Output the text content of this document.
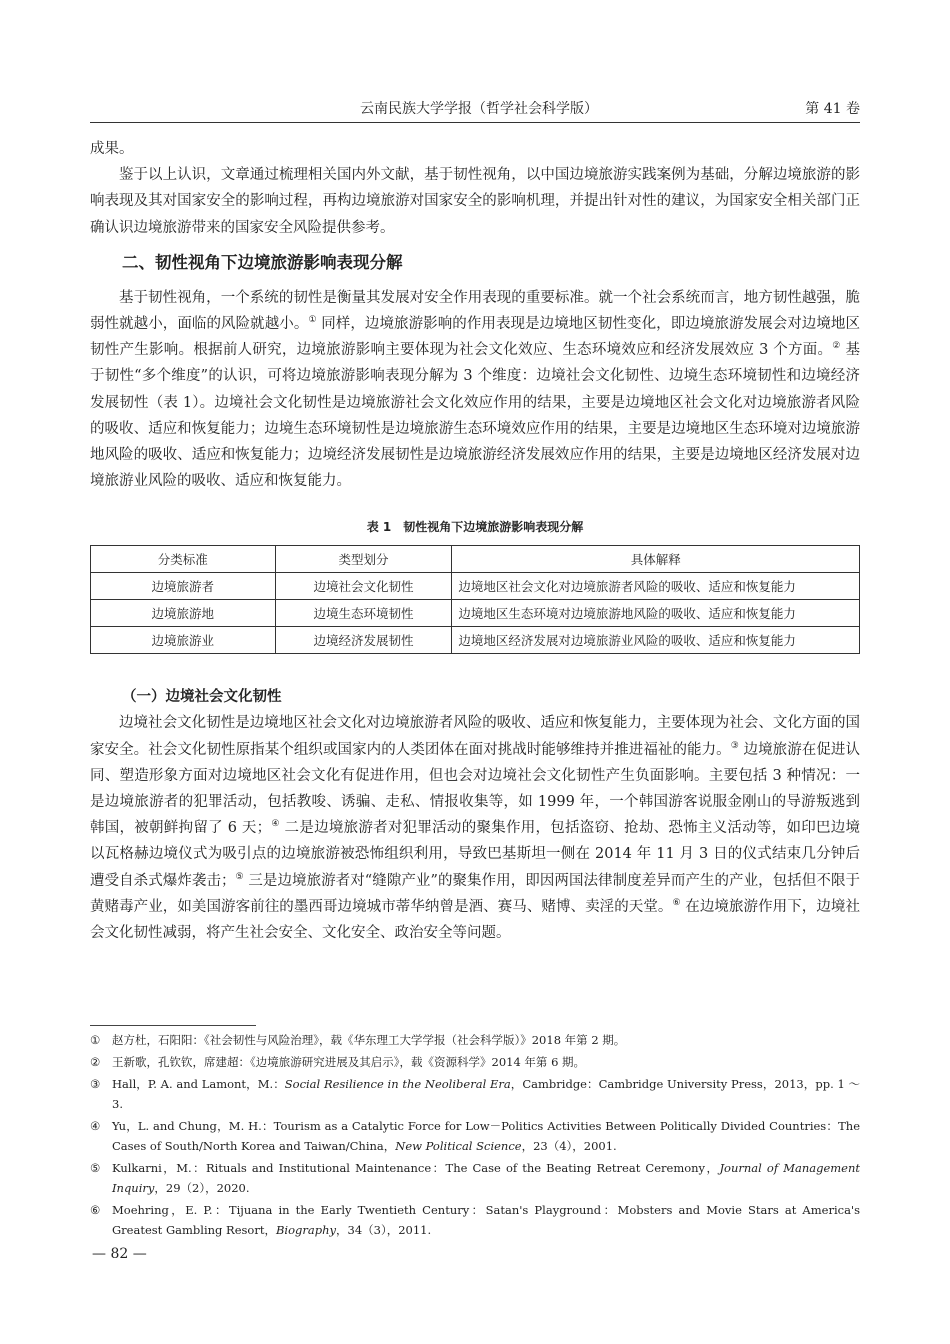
云南民族大学学报（哲学社会科学版）	第 41 卷

成果。

鉴于以上认识，文章通过梳理相关国内外文献，基于韧性视角，以中国边境旅游实践案例为基础，分解边境旅游的影响表现及其对国家安全的影响过程，再构边境旅游对国家安全的影响机理，并提出针对性的建议，为国家安全相关部门正确认识边境旅游带来的国家安全风险提供参考。

二、韧性视角下边境旅游影响表现分解

基于韧性视角，一个系统的韧性是衡量其发展对安全作用表现的重要标准。就一个社会系统而言，地方韧性越强，脆弱性就越小，面临的风险就越小。① 同样，边境旅游影响的作用表现是边境地区韧性变化，即边境旅游发展会对边境地区韧性产生影响。根据前人研究，边境旅游影响主要体现为社会文化效应、生态环境效应和经济发展效应 3 个方面。② 基于韧性“多个维度”的认识，可将边境旅游影响表现分解为 3 个维度：边境社会文化韧性、边境生态环境韧性和边境经济发展韧性（表 1）。边境社会文化韧性是边境旅游社会文化效应作用的结果，主要是边境地区社会文化对边境旅游者风险的吸收、适应和恢复能力；边境生态环境韧性是边境旅游生态环境效应作用的结果，主要是边境地区生态环境对边境旅游地风险的吸收、适应和恢复能力；边境经济发展韧性是边境旅游经济发展效应作用的结果，主要是边境地区经济发展对边境旅游业风险的吸收、适应和恢复能力。

表 1　韧性视角下边境旅游影响表现分解
分类标准	类型划分	具体解释
边境旅游者	边境社会文化韧性	边境地区社会文化对边境旅游者风险的吸收、适应和恢复能力
边境旅游地	边境生态环境韧性	边境地区生态环境对边境旅游地风险的吸收、适应和恢复能力
边境旅游业	边境经济发展韧性	边境地区经济发展对边境旅游业风险的吸收、适应和恢复能力
（一）边境社会文化韧性

边境社会文化韧性是边境地区社会文化对边境旅游者风险的吸收、适应和恢复能力，主要体现为社会、文化方面的国家安全。社会文化韧性原指某个组织或国家内的人类团体在面对挑战时能够维持并推进福祉的能力。③ 边境旅游在促进认同、塑造形象方面对边境地区社会文化有促进作用，但也会对边境社会文化韧性产生负面影响。主要包括 3 种情况：一是边境旅游者的犯罪活动，包括教唆、诱骗、走私、情报收集等，如 1999 年，一个韩国游客说服金刚山的导游叛逃到韩国，被朝鲜拘留了 6 天；④ 二是边境旅游者对犯罪活动的聚集作用，包括盗窃、抢劫、恐怖主义活动等，如印巴边境以瓦格赫边境仪式为吸引点的边境旅游被恐怖组织利用，导致巴基斯坦一侧在 2014 年 11 月 3 日的仪式结束几分钟后遭受自杀式爆炸袭击；⑤ 三是边境旅游者对“缝隙产业”的聚集作用，即因两国法律制度差异而产生的产业，包括但不限于黄赌毒产业，如美国游客前往的墨西哥边境城市蒂华纳曾是酒、赛马、赌博、卖淫的天堂。⑥ 在边境旅游作用下，边境社会文化韧性减弱，将产生社会安全、文化安全、政治安全等问题。

① 赵方杜，石阳阳：《社会韧性与风险治理》，载《华东理工大学学报（社会科学版）》2018 年第 2 期。
② 王新歌，孔钦钦，席建超：《边境旅游研究进展及其启示》，载《资源科学》2014 年第 6 期。
③ Hall，P. A. and Lamont，M.：Social Resilience in the Neoliberal Era，Cambridge：Cambridge University Press，2013，pp. 1 ～3.
④ Yu，L. and Chung，M. H.：Tourism as a Catalytic Force for Low－Politics Activities Between Politically Divided Countries：The Cases of South/North Korea and Taiwan/China，New Political Science，23（4），2001.
⑤ Kulkarni，M.：Rituals and Institutional Maintenance：The Case of the Beating Retreat Ceremony，Journal of Management Inquiry，29（2），2020.
⑥ Moehring，E. P.：Tijuana in the Early Twentieth Century：Satan's Playground：Mobsters and Movie Stars at America's Greatest Gambling Resort，Biography，34（3），2011.
— 82 —
